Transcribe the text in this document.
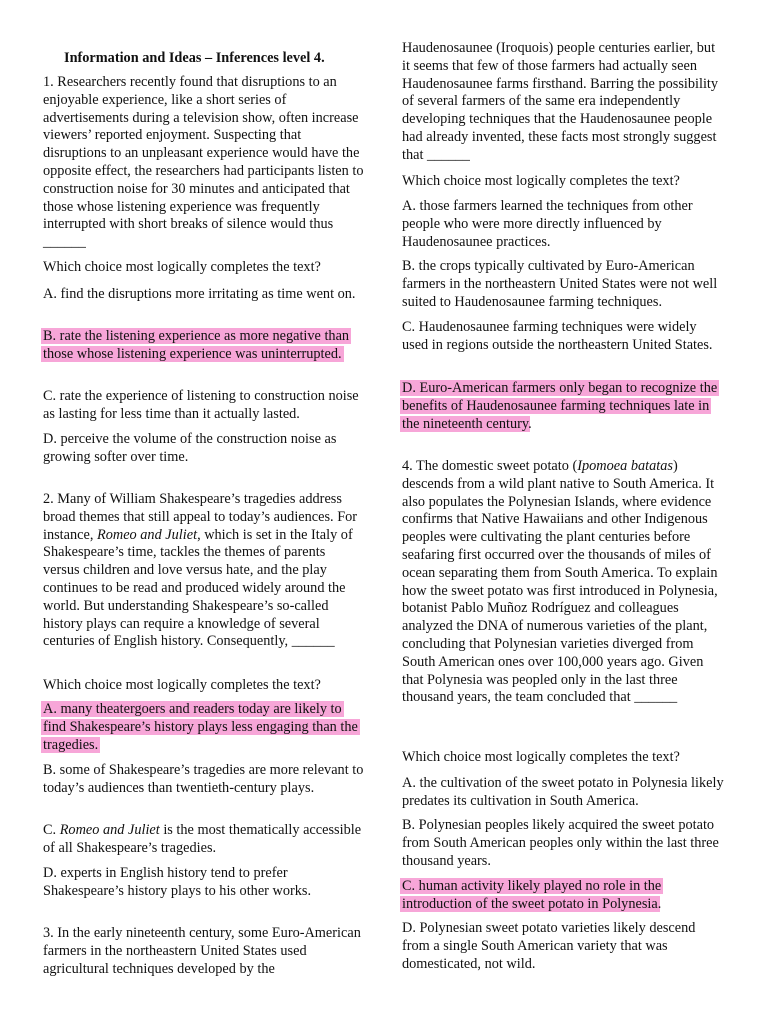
Information and Ideas – Inferences level 4.

1. Researchers recently found that disruptions to an enjoyable experience, like a short series of advertisements during a television show, often increase viewers’ reported enjoyment. Suspecting that disruptions to an unpleasant experience would have the opposite effect, the researchers had participants listen to construction noise for 30 minutes and anticipated that those whose listening experience was frequently interrupted with short breaks of silence would thus ______

Which choice most logically completes the text?

A. find the disruptions more irritating as time went on.

B. rate the listening experience as more negative than those whose listening experience was uninterrupted.

C. rate the experience of listening to construction noise as lasting for less time than it actually lasted.

D. perceive the volume of the construction noise as growing softer over time.

2. Many of William Shakespeare’s tragedies address broad themes that still appeal to today’s audiences. For instance, Romeo and Juliet, which is set in the Italy of Shakespeare’s time, tackles the themes of parents versus children and love versus hate, and the play continues to be read and produced widely around the world. But understanding Shakespeare’s so-called history plays can require a knowledge of several centuries of English history. Consequently, ______

Which choice most logically completes the text?

A. many theatergoers and readers today are likely to find Shakespeare’s history plays less engaging than the tragedies.

B. some of Shakespeare’s tragedies are more relevant to today’s audiences than twentieth-century plays.

C. Romeo and Juliet is the most thematically accessible of all Shakespeare’s tragedies.

D. experts in English history tend to prefer Shakespeare’s history plays to his other works.

3. In the early nineteenth century, some Euro-American farmers in the northeastern United States used agricultural techniques developed by the

Haudenosaunee (Iroquois) people centuries earlier, but it seems that few of those farmers had actually seen Haudenosaunee farms firsthand. Barring the possibility of several farmers of the same era independently developing techniques that the Haudenosaunee people had already invented, these facts most strongly suggest that ______

Which choice most logically completes the text?

A. those farmers learned the techniques from other people who were more directly influenced by Haudenosaunee practices.

B. the crops typically cultivated by Euro-American farmers in the northeastern United States were not well suited to Haudenosaunee farming techniques.

C. Haudenosaunee farming techniques were widely used in regions outside the northeastern United States.

D. Euro-American farmers only began to recognize the benefits of Haudenosaunee farming techniques late in the nineteenth century.

4. The domestic sweet potato (Ipomoea batatas) descends from a wild plant native to South America. It also populates the Polynesian Islands, where evidence confirms that Native Hawaiians and other Indigenous peoples were cultivating the plant centuries before seafaring first occurred over the thousands of miles of ocean separating them from South America. To explain how the sweet potato was first introduced in Polynesia, botanist Pablo Muñoz Rodríguez and colleagues analyzed the DNA of numerous varieties of the plant, concluding that Polynesian varieties diverged from South American ones over 100,000 years ago. Given that Polynesia was peopled only in the last three thousand years, the team concluded that ______

Which choice most logically completes the text?

A. the cultivation of the sweet potato in Polynesia likely predates its cultivation in South America.

B. Polynesian peoples likely acquired the sweet potato from South American peoples only within the last three thousand years.

C. human activity likely played no role in the introduction of the sweet potato in Polynesia.

D. Polynesian sweet potato varieties likely descend from a single South American variety that was domesticated, not wild.
